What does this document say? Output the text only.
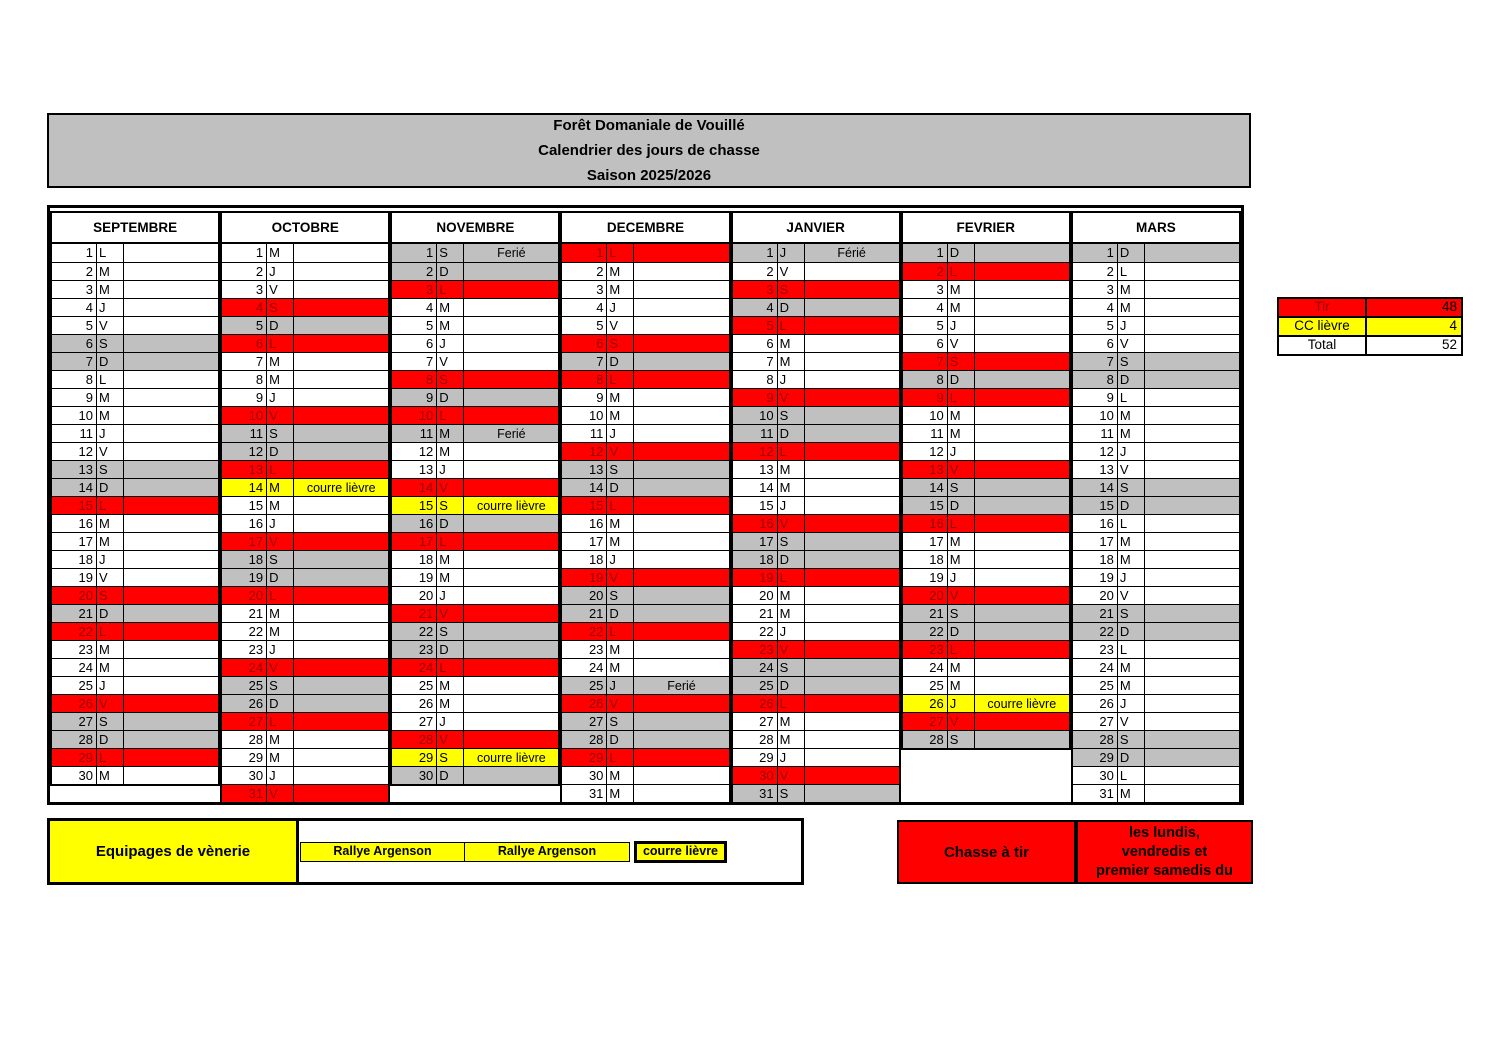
Forêt Domaniale de Vouillé
Calendrier des jours de chasse
Saison 2025/2026
SEPTEMBRE
1 L
2 M
3 M
4 J
5 V
6 S
7 D
8 L
9 M
10 M
11 J
12 V
13 S
14 D
15 L
16 M
17 M
18 J
19 V
20 S
21 D
22 L
23 M
24 M
25 J
26 V
27 S
28 D
29 L
30 M
OCTOBRE
1 M
2 J
3 V
4 S
5 D
6 L
7 M
8 M
9 J
10 V
11 S
12 D
13 L
14 M	courre lièvre
15 M
16 J
17 V
18 S
19 D
20 L
21 M
22 M
23 J
24 V
25 S
26 D
27 L
28 M
29 M
30 J
31 V
NOVEMBRE
1 S	Ferié
2 D
3 L
4 M
5 M
6 J
7 V
8 S
9 D
10 L
11 M	Ferié
12 M
13 J
14 V
15 S	courre lièvre
16 D
17 L
18 M
19 M
20 J
21 V
22 S
23 D
24 L
25 M
26 M
27 J
28 V
29 S	courre lièvre
30 D
DECEMBRE
1 L
2 M
3 M
4 J
5 V
6 S
7 D
8 L
9 M
10 M
11 J
12 V
13 S
14 D
15 L
16 M
17 M
18 J
19 V
20 S
21 D
22 L
23 M
24 M
25 J	Ferié
26 V
27 S
28 D
29 L
30 M
31 M
JANVIER
1 J	Férié
2 V
3 S
4 D
5 L
6 M
7 M
8 J
9 V
10 S
11 D
12 L
13 M
14 M
15 J
16 V
17 S
18 D
19 L
20 M
21 M
22 J
23 V
24 S
25 D
26 L
27 M
28 M
29 J
30 V
31 S
FEVRIER
1 D
2 L
3 M
4 M
5 J
6 V
7 S
8 D
9 L
10 M
11 M
12 J
13 V
14 S
15 D
16 L
17 M
18 M
19 J
20 V
21 S
22 D
23 L
24 M
25 M
26 J	courre lièvre
27 V
28 S
MARS
1 D
2 L
3 M
4 M
5 J
6 V
7 S
8 D
9 L
10 M
11 M
12 J
13 V
14 S
15 D
16 L
17 M
18 M
19 J
20 V
21 S
22 D
23 L
24 M
25 M
26 J
27 V
28 S
29 D
30 L
31 M
Tir	48
CC lièvre	4
Total	52
Equipages de vènerie	Rallye Argenson	Rallye Argenson	courre lièvre	Chasse à tir
les lundis,
vendredis et
premier samedis du
